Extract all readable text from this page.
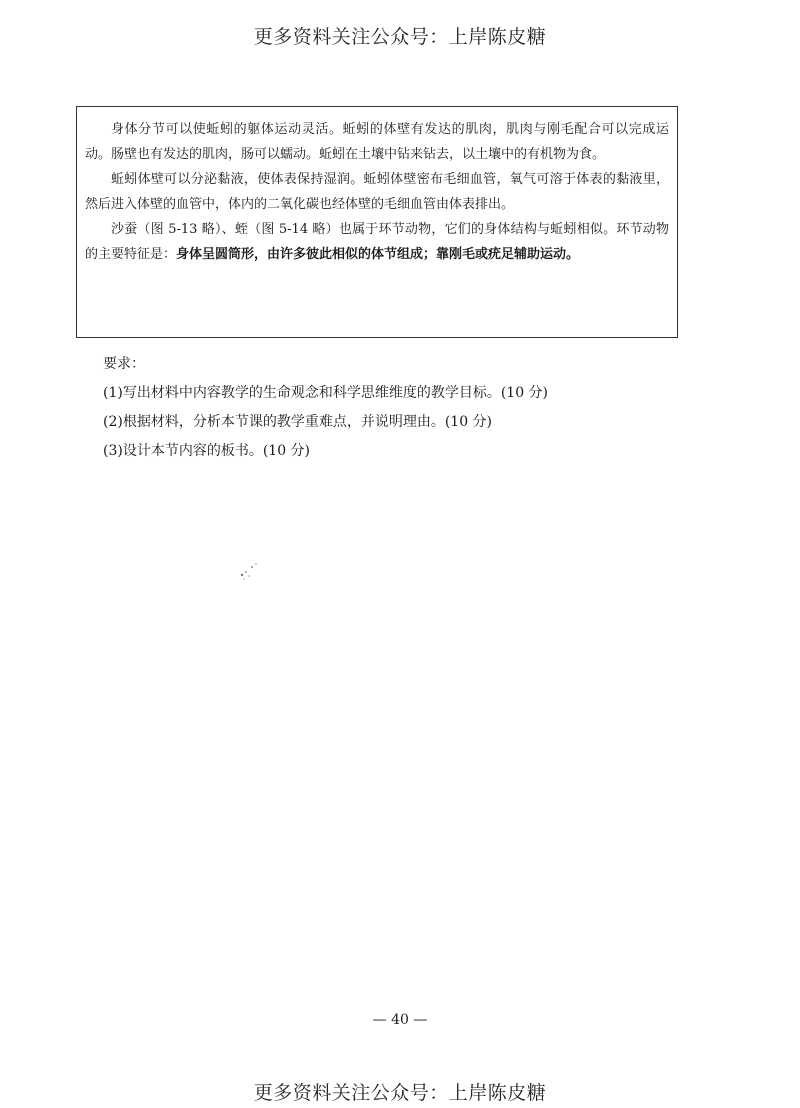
更多资料关注公众号：上岸陈皮糖

身体分节可以使蚯蚓的躯体运动灵活。蚯蚓的体壁有发达的肌肉，肌肉与刚毛配合可以完成运动。肠壁也有发达的肌肉，肠可以蠕动。蚯蚓在土壤中钻来钻去，以土壤中的有机物为食。

蚯蚓体壁可以分泌黏液，使体表保持湿润。蚯蚓体壁密布毛细血管，氧气可溶于体表的黏液里，然后进入体壁的血管中，体内的二氧化碳也经体壁的毛细血管由体表排出。

沙蚕（图 5-13 略）、蛭（图 5-14 略）也属于环节动物，它们的身体结构与蚯蚓相似。环节动物的主要特征是：身体呈圆筒形，由许多彼此相似的体节组成；靠刚毛或疣足辅助运动。

要求：

(1)写出材料中内容教学的生命观念和科学思维维度的教学目标。(10 分)

(2)根据材料，分析本节课的教学重难点，并说明理由。(10 分)

(3)设计本节内容的板书。(10 分)

— 40 —
更多资料关注公众号：上岸陈皮糖
